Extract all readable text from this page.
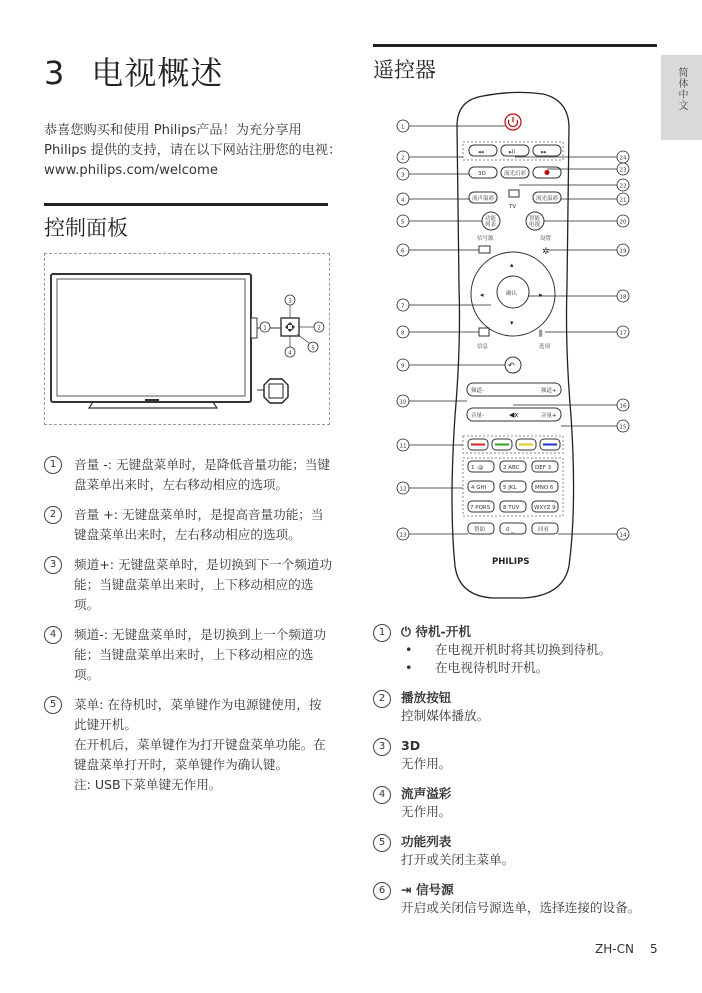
简体中文
3 电视概述
恭喜您购买和使用 Philips产品！为充分享用Philips 提供的支持，请在以下网站注册您的电视：www.philips.com/welcome
控制面板
3
1	2
4
5
1	音量 -: 无键盘菜单时，是降低音量功能；当键盘菜单出来时，左右移动相应的选项。
2	音量 +: 无键盘菜单时，是提高音量功能；当键盘菜单出来时，左右移动相应的选项。
3	频道+: 无键盘菜单时，是切换到下一个频道功能；当键盘菜单出来时，上下移动相应的选项。
4	频道-: 无键盘菜单时，是切换到上一个频道功能；当键盘菜单出来时，上下移动相应的选项。
5	菜单: 在待机时，菜单键作为电源键使用，按此键开机。
在开机后，菜单键作为打开键盘菜单功能。在键盘菜单打开时，菜单键作为确认键。
注: USB下菜单键无作用。
遥控器
◂◂	▸II	▸▸
3D	流光幻彩
流声溢彩
TV
流光溢彩
功能
列表
智能
电视
信号源	设置
✲
确认
▴
▾
◂	▸
信息
⫼
选项
↶
频道-	频道+
音量-	音量+
◀x
1 .@	2 ABC	DEF 3
4 GHI	5 JKL	MNO 6
7 PQRS 8 TUV	WXYZ 9
帮助	0 _	回看
PHILIPS
1
2
3
4
5
6
7
8
9
10
11
12
13
24
23
22
21
20
19
18
17
16
15
14
1	⏻ 待机-开机

• 在电视开机时将其切换到待机。
• 在电视待机时开机。
2	播放按钮
控制媒体播放。
3	3D
无作用。
4	流声溢彩
无作用。
5	功能列表
打开或关闭主菜单。
6	⇥ 信号源
开启或关闭信号源选单，选择连接的设备。
ZH-CN 5
